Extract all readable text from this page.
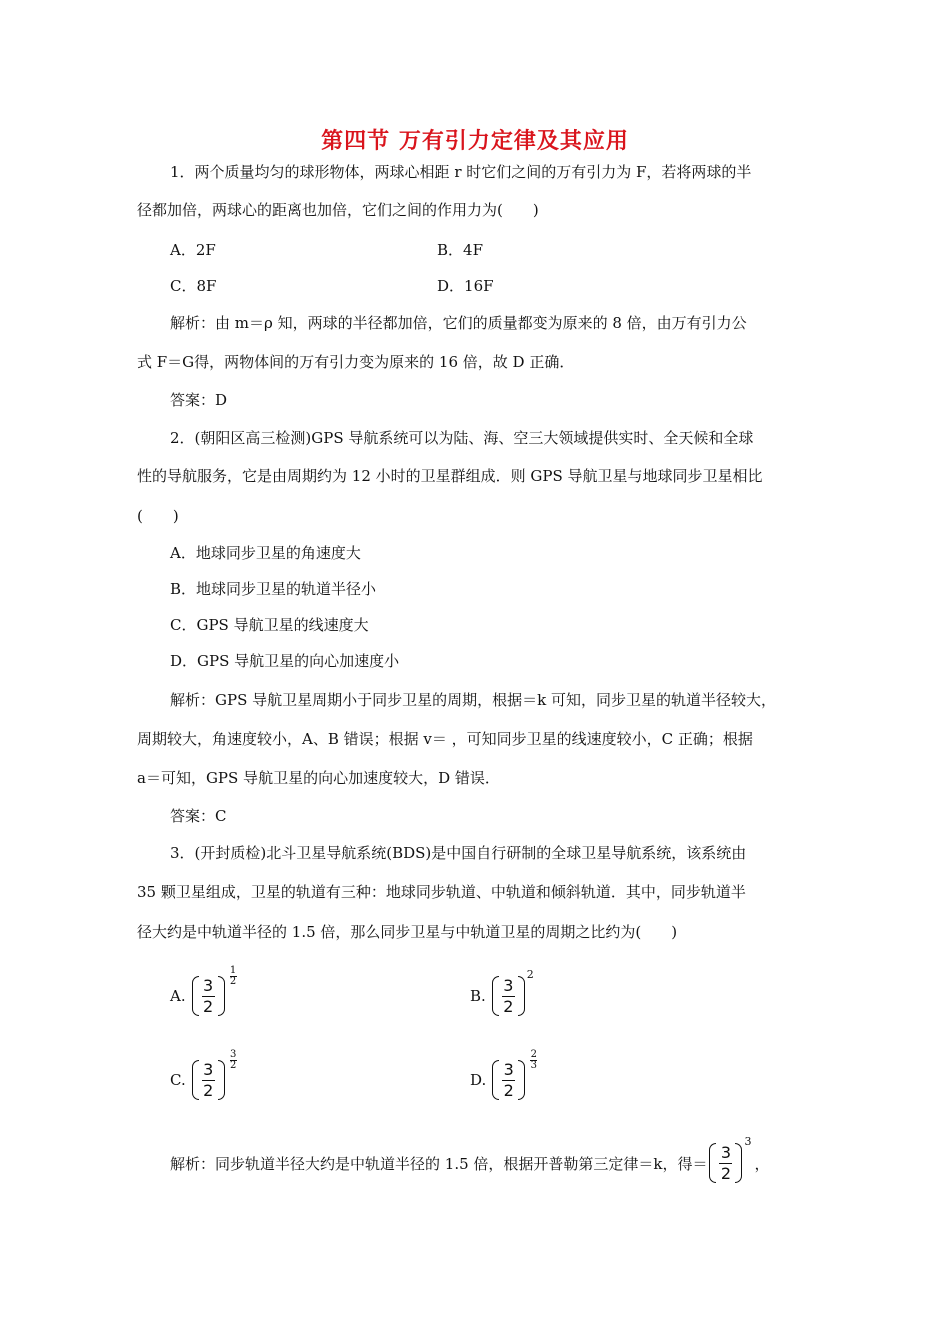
第四节 万有引力定律及其应用
1．两个质量均匀的球形物体，两球心相距 r 时它们之间的万有引力为 F，若将两球的半
径都加倍，两球心的距离也加倍，它们之间的作用力为(　　)
A．2F	B．4F
C．8F	D．16F
解析：由 m＝ρ 知，两球的半径都加倍，它们的质量都变为原来的 8 倍，由万有引力公
式 F＝G得，两物体间的万有引力变为原来的 16 倍，故 D 正确．
答案：D
2．(朝阳区高三检测)GPS 导航系统可以为陆、海、空三大领域提供实时、全天候和全球
性的导航服务，它是由周期约为 12 小时的卫星群组成．则 GPS 导航卫星与地球同步卫星相比
(　　)
A．地球同步卫星的角速度大
B．地球同步卫星的轨道半径小
C．GPS 导航卫星的线速度大
D．GPS 导航卫星的向心加速度小
解析：GPS 导航卫星周期小于同步卫星的周期，根据＝k 可知，同步卫星的轨道半径较大，
周期较大，角速度较小，A、B 错误；根据 v＝ ，可知同步卫星的线速度较小，C 正确；根据
a＝可知，GPS 导航卫星的向心加速度较大，D 错误．
答案：C
3．(开封质检)北斗卫星导航系统(BDS)是中国自行研制的全球卫星导航系统，该系统由
35 颗卫星组成，卫星的轨道有三种：地球同步轨道、中轨道和倾斜轨道．其中，同步轨道半
径大约是中轨道半径的 1.5 倍，那么同步卫星与中轨道卫星的周期之比约为(　　)
A. $\frac{3}{2}$
1
2
B. $\frac{3}{2}$
2
C. $\frac{3}{2}$
3
2
D. $\frac{3}{2}$
2
3
解析：同步轨道半径大约是中轨道半径的 1.5 倍，根据开普勒第三定律＝k，得＝ $\frac{3}{2}$
3
，
